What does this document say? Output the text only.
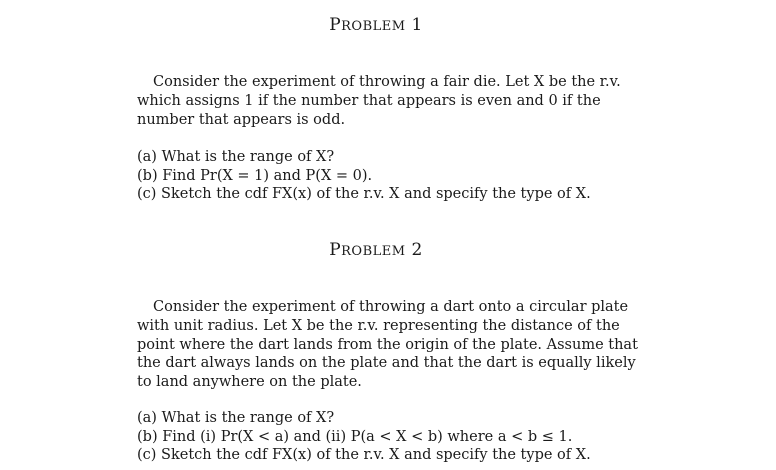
PROBLEM 1

Consider the experiment of throwing a fair die. Let X be the r.v.
which assigns 1 if the number that appears is even and 0 if the
number that appears is odd.

(a) What is the range of X?
(b) Find Pr(X = 1) and P(X = 0).
(c) Sketch the cdf FX(x) of the r.v. X and specify the type of X.
PROBLEM 2

Consider the experiment of throwing a dart onto a circular plate
with unit radius. Let X be the r.v. representing the distance of the
point where the dart lands from the origin of the plate. Assume that
the dart always lands on the plate and that the dart is equally likely
to land anywhere on the plate.

(a) What is the range of X?
(b) Find (i) Pr(X < a) and (ii) P(a < X < b) where a < b ≤ 1.
(c) Sketch the cdf FX(x) of the r.v. X and specify the type of X.
